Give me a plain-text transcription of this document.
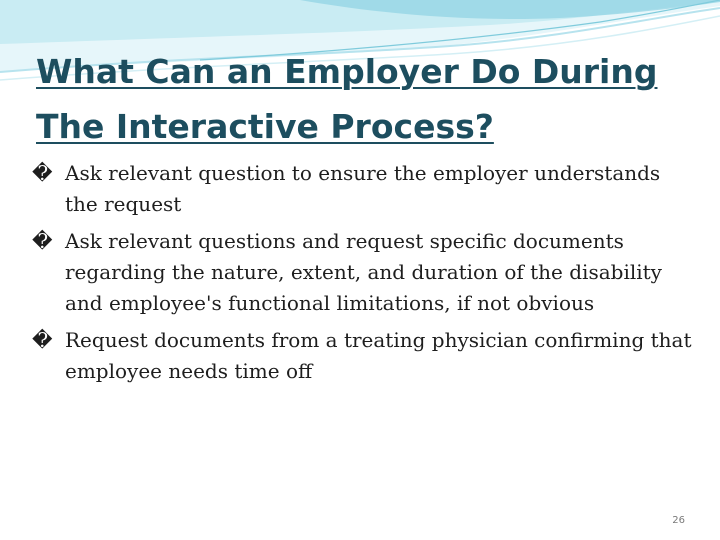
What Can an Employer Do During
The Interactive Process?
� Ask relevant question to ensure the employer understands the request
� Ask relevant questions and request specific documents regarding the nature, extent, and duration of the disability and employee's functional limitations, if not obvious
� Request documents from a treating physician confirming that employee needs time off
26
